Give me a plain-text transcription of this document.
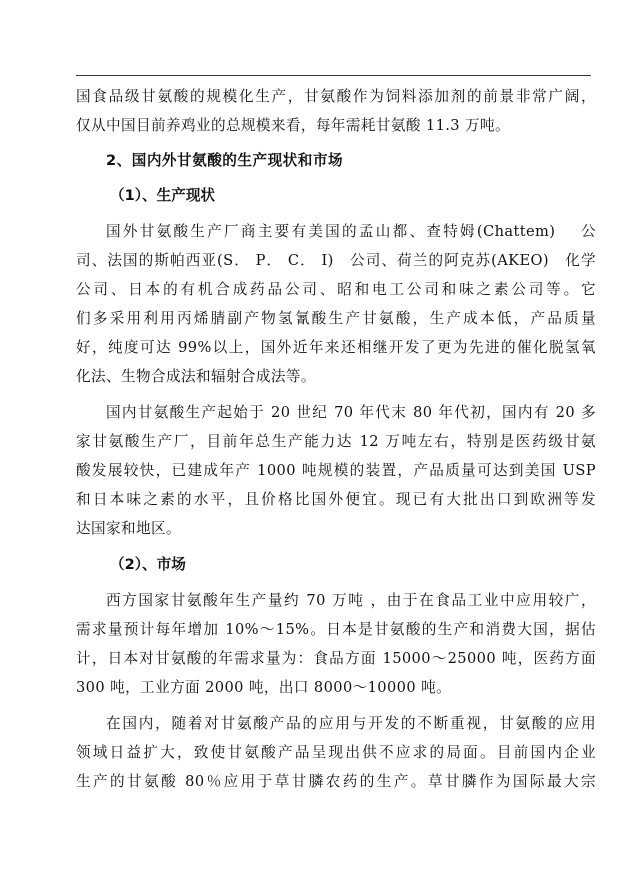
国食品级甘氨酸的规模化生产，甘氨酸作为饲料添加剂的前景非常广阔，
仅从中国目前养鸡业的总规模来看，每年需耗甘氨酸 11.3 万吨。
2、国内外甘氨酸的生产现状和市场
（1）、生产现状
国外甘氨酸生产厂商主要有美国的孟山都、查特姆(Chattem)　 公
司、法国的斯帕西亚(S． P． C． I)　公司、荷兰的阿克苏(AKEO)　化学
公司、日本的有机合成药品公司、昭和电工公司和味之素公司等。它
们多采用利用丙烯腈副产物氢氰酸生产甘氨酸，生产成本低，产品质量
好，纯度可达 99%以上，国外近年来还相继开发了更为先进的催化脱氢氧
化法、生物合成法和辐射合成法等。
国内甘氨酸生产起始于 20 世纪 70 年代末 80 年代初，国内有 20 多
家甘氨酸生产厂，目前年总生产能力达 12 万吨左右，特别是医药级甘氨
酸发展较快，已建成年产 1000 吨规模的装置，产品质量可达到美国 USP
和日本味之素的水平，且价格比国外便宜。现已有大批出口到欧洲等发
达国家和地区。
（2）、市场
西方国家甘氨酸年生产量约 70 万吨 ，由于在食品工业中应用较广，
需求量预计每年增加 10%～15%。日本是甘氨酸的生产和消费大国，据估
计，日本对甘氨酸的年需求量为：食品方面 15000～25000 吨，医药方面
300 吨，工业方面 2000 吨，出口 8000～10000 吨。
在国内，随着对甘氨酸产品的应用与开发的不断重视，甘氨酸的应用
领域日益扩大，致使甘氨酸产品呈现出供不应求的局面。目前国内企业
生产的甘氨酸 80％应用于草甘膦农药的生产。草甘膦作为国际最大宗
